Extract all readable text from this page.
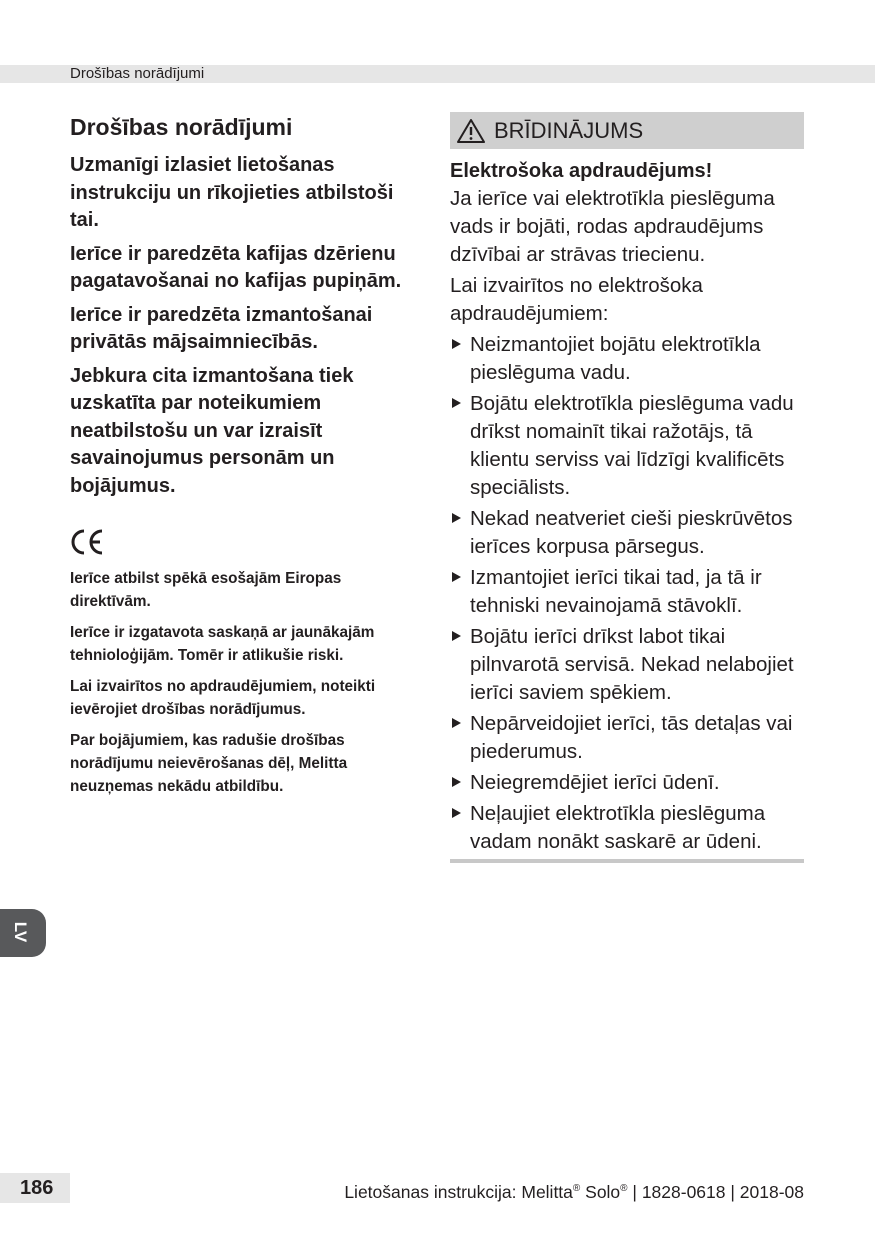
Drošības norādījumi
Drošības norādījumi

Uzmanīgi izlasiet lietošanas instrukciju un rīkojieties atbilstoši tai.

Ierīce ir paredzēta kafijas dzērienu pagatavošanai no kafijas pupiņām.

Ierīce ir paredzēta izmantošanai privātās mājsaimniecībās.

Jebkura cita izmantošana tiek uzskatīta par noteikumiem neatbilstošu un var izraisīt savainojumus personām un bojājumus.

Ierīce atbilst spēkā esošajām Eiropas direktīvām.

Ierīce ir izgatavota saskaņā ar jaunākajām tehnioloģijām. Tomēr ir atlikušie riski.

Lai izvairītos no apdraudējumiem, noteikti ievērojiet drošības norādījumus.

Par bojājumiem, kas radušie drošības norādījumu neievērošanas dēļ, Melitta neuzņemas nekādu atbildību.

BRĪDINĀJUMS
Elektrošoka apdraudējums!

Ja ierīce vai elektrotīkla pieslēguma vads ir bojāti, rodas apdraudējums dzīvībai ar strāvas triecienu.

Lai izvairītos no elektrošoka apdraudējumiem:

Neizmantojiet bojātu elektrotīkla pieslēguma vadu.
Bojātu elektrotīkla pieslēguma vadu drīkst nomainīt tikai ražotājs, tā klientu serviss vai līdzīgi kvalificēts speciālists.
Nekad neatveriet cieši pieskrūvētos ierīces korpusa pārsegus.
Izmantojiet ierīci tikai tad, ja tā ir tehniski nevainojamā stāvoklī.
Bojātu ierīci drīkst labot tikai pilnvarotā servisā. Nekad nelabojiet ierīci saviem spēkiem.
Nepārveidojiet ierīci, tās detaļas vai piederumus.
Neiegremdējiet ierīci ūdenī.
Neļaujiet elektrotīkla pieslēguma vadam nonākt saskarē ar ūdeni.
LV
186	Lietošanas instrukcija: Melitta® Solo® | 1828-0618 | 2018-08
